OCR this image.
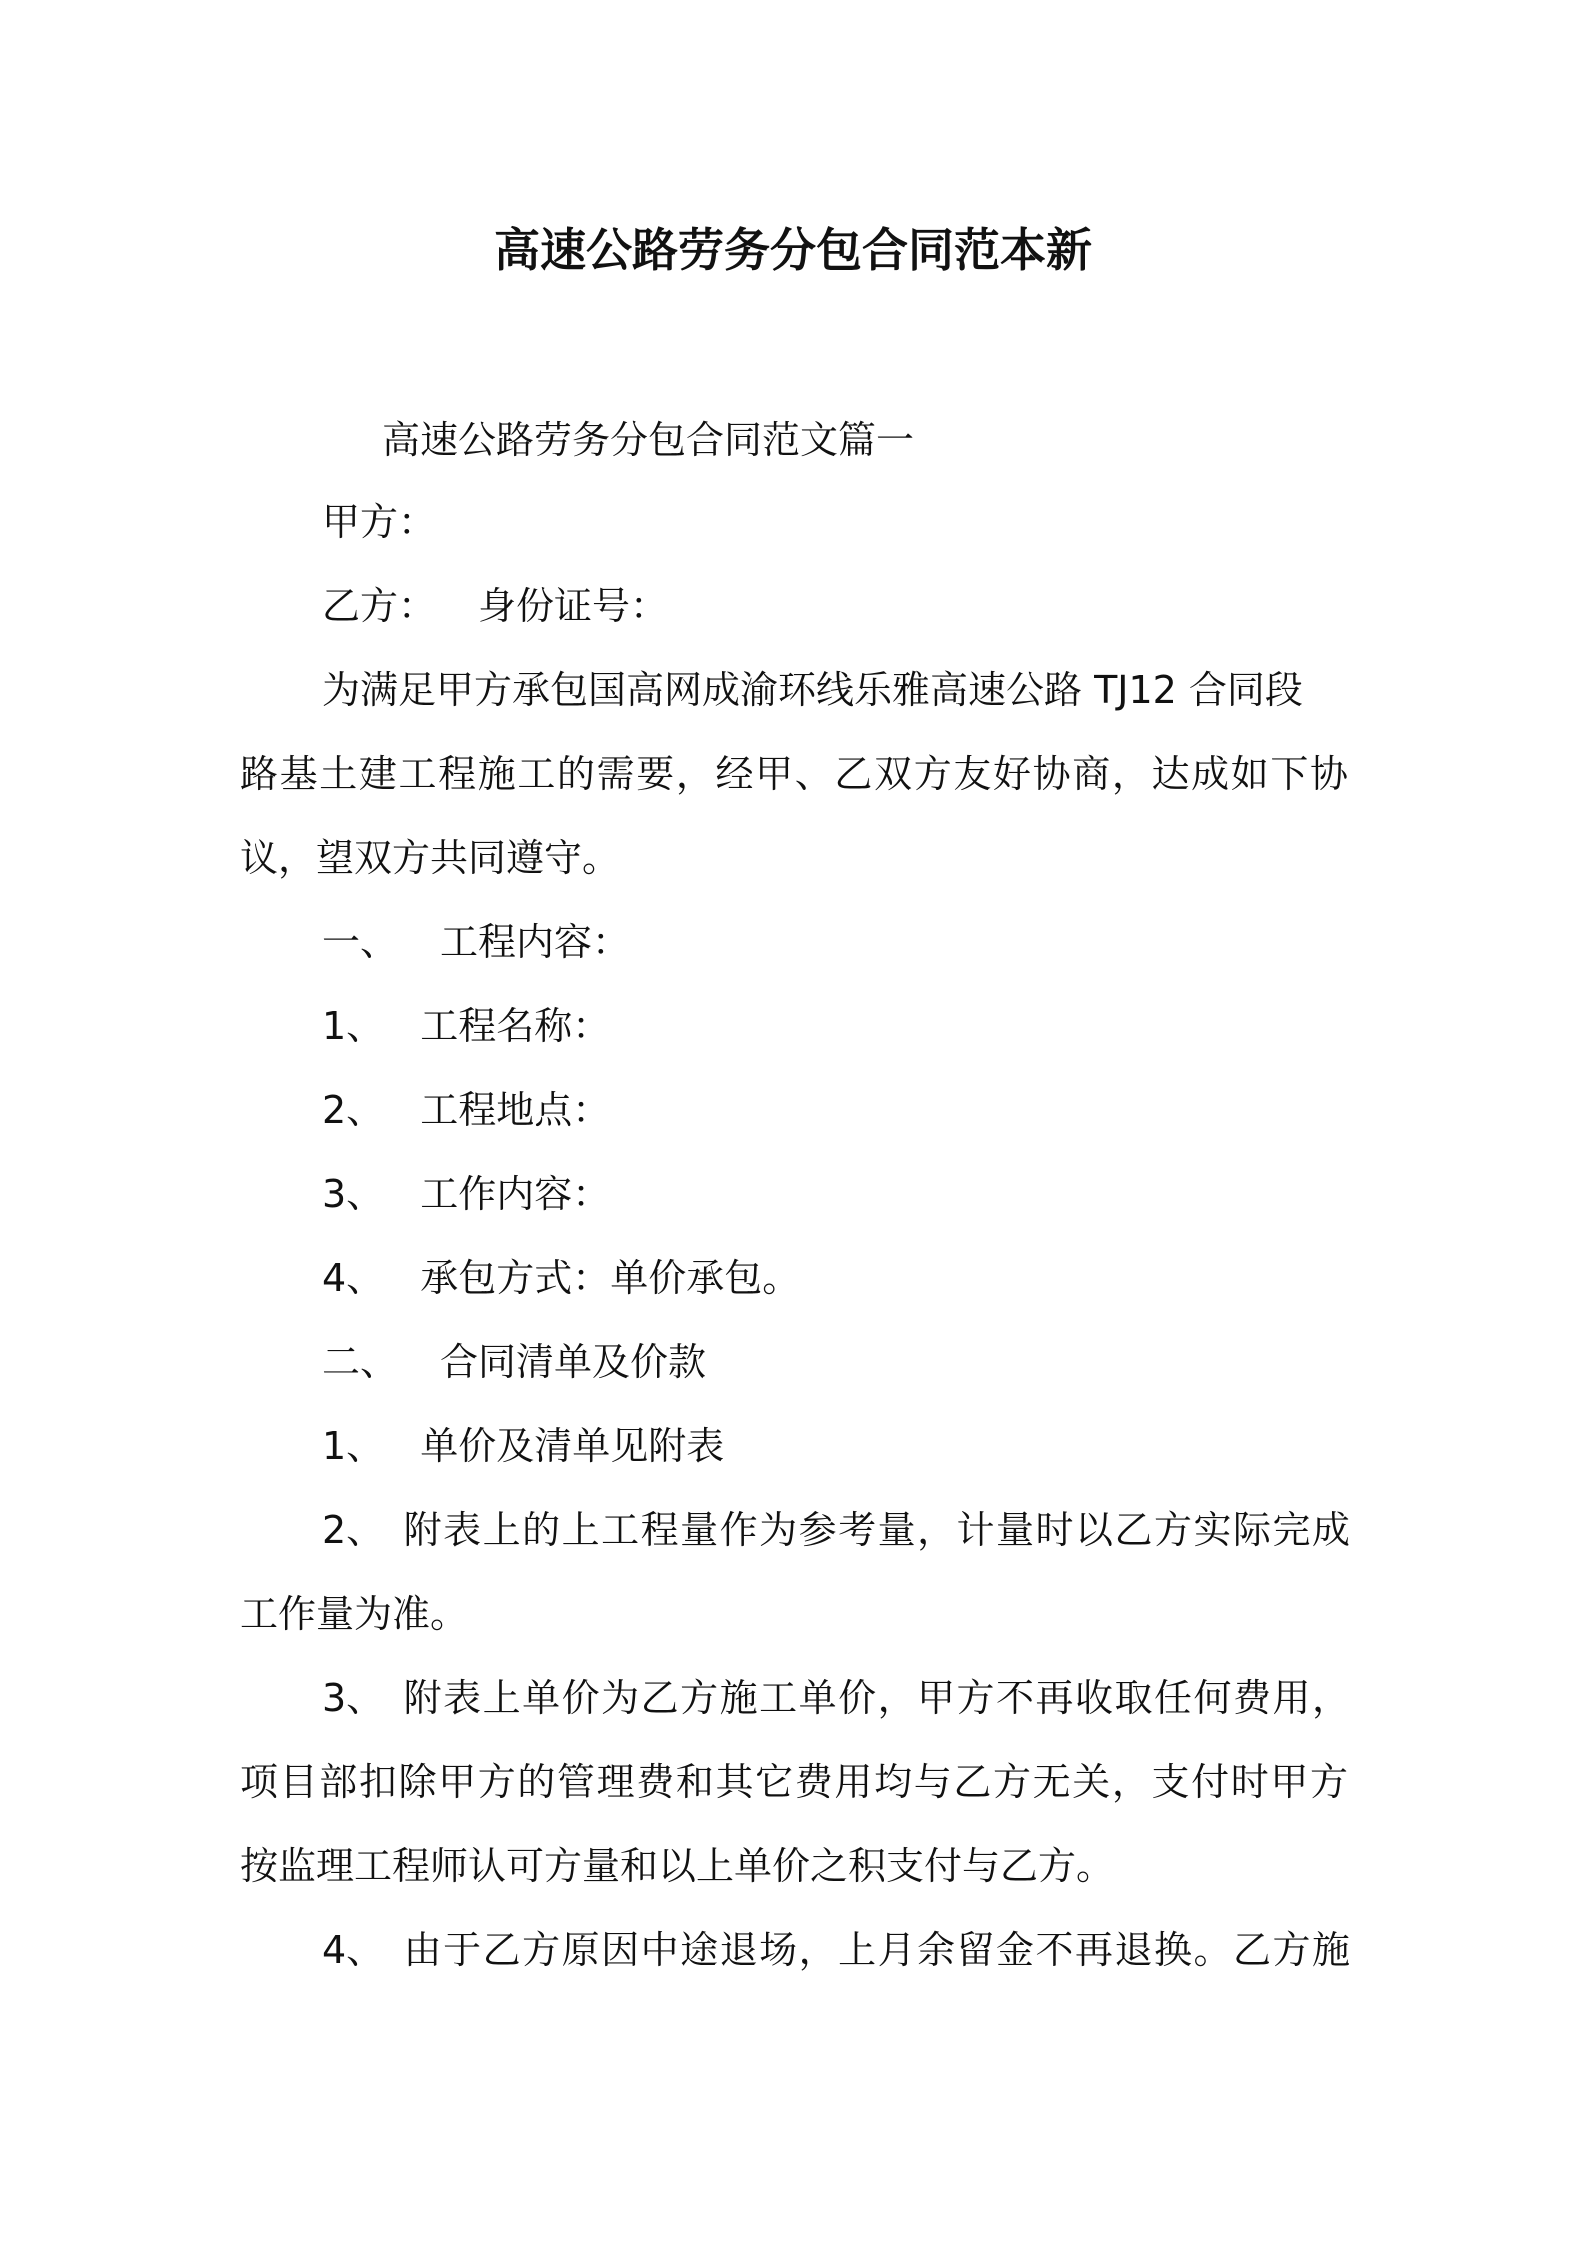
高速公路劳务分包合同范本新
高速公路劳务分包合同范文篇一
甲方：
乙方： 身份证号：
为满足甲方承包国高网成渝环线乐雅高速公路 TJ12 合同段
路基土建工程施工的需要，经甲、乙双方友好协商，达成如下协
议，望双方共同遵守。
一、 工程内容：
1、 工程名称：
2、 工程地点：
3、 工作内容：
4、 承包方式：单价承包。
二、 合同清单及价款
1、 单价及清单见附表
2、 附表上的上工程量作为参考量，计量时以乙方实际完成
工作量为准。
3、 附表上单价为乙方施工单价，甲方不再收取任何费用，
项目部扣除甲方的管理费和其它费用均与乙方无关，支付时甲方
按监理工程师认可方量和以上单价之积支付与乙方。
4、 由于乙方原因中途退场，上月余留金不再退换。乙方施
